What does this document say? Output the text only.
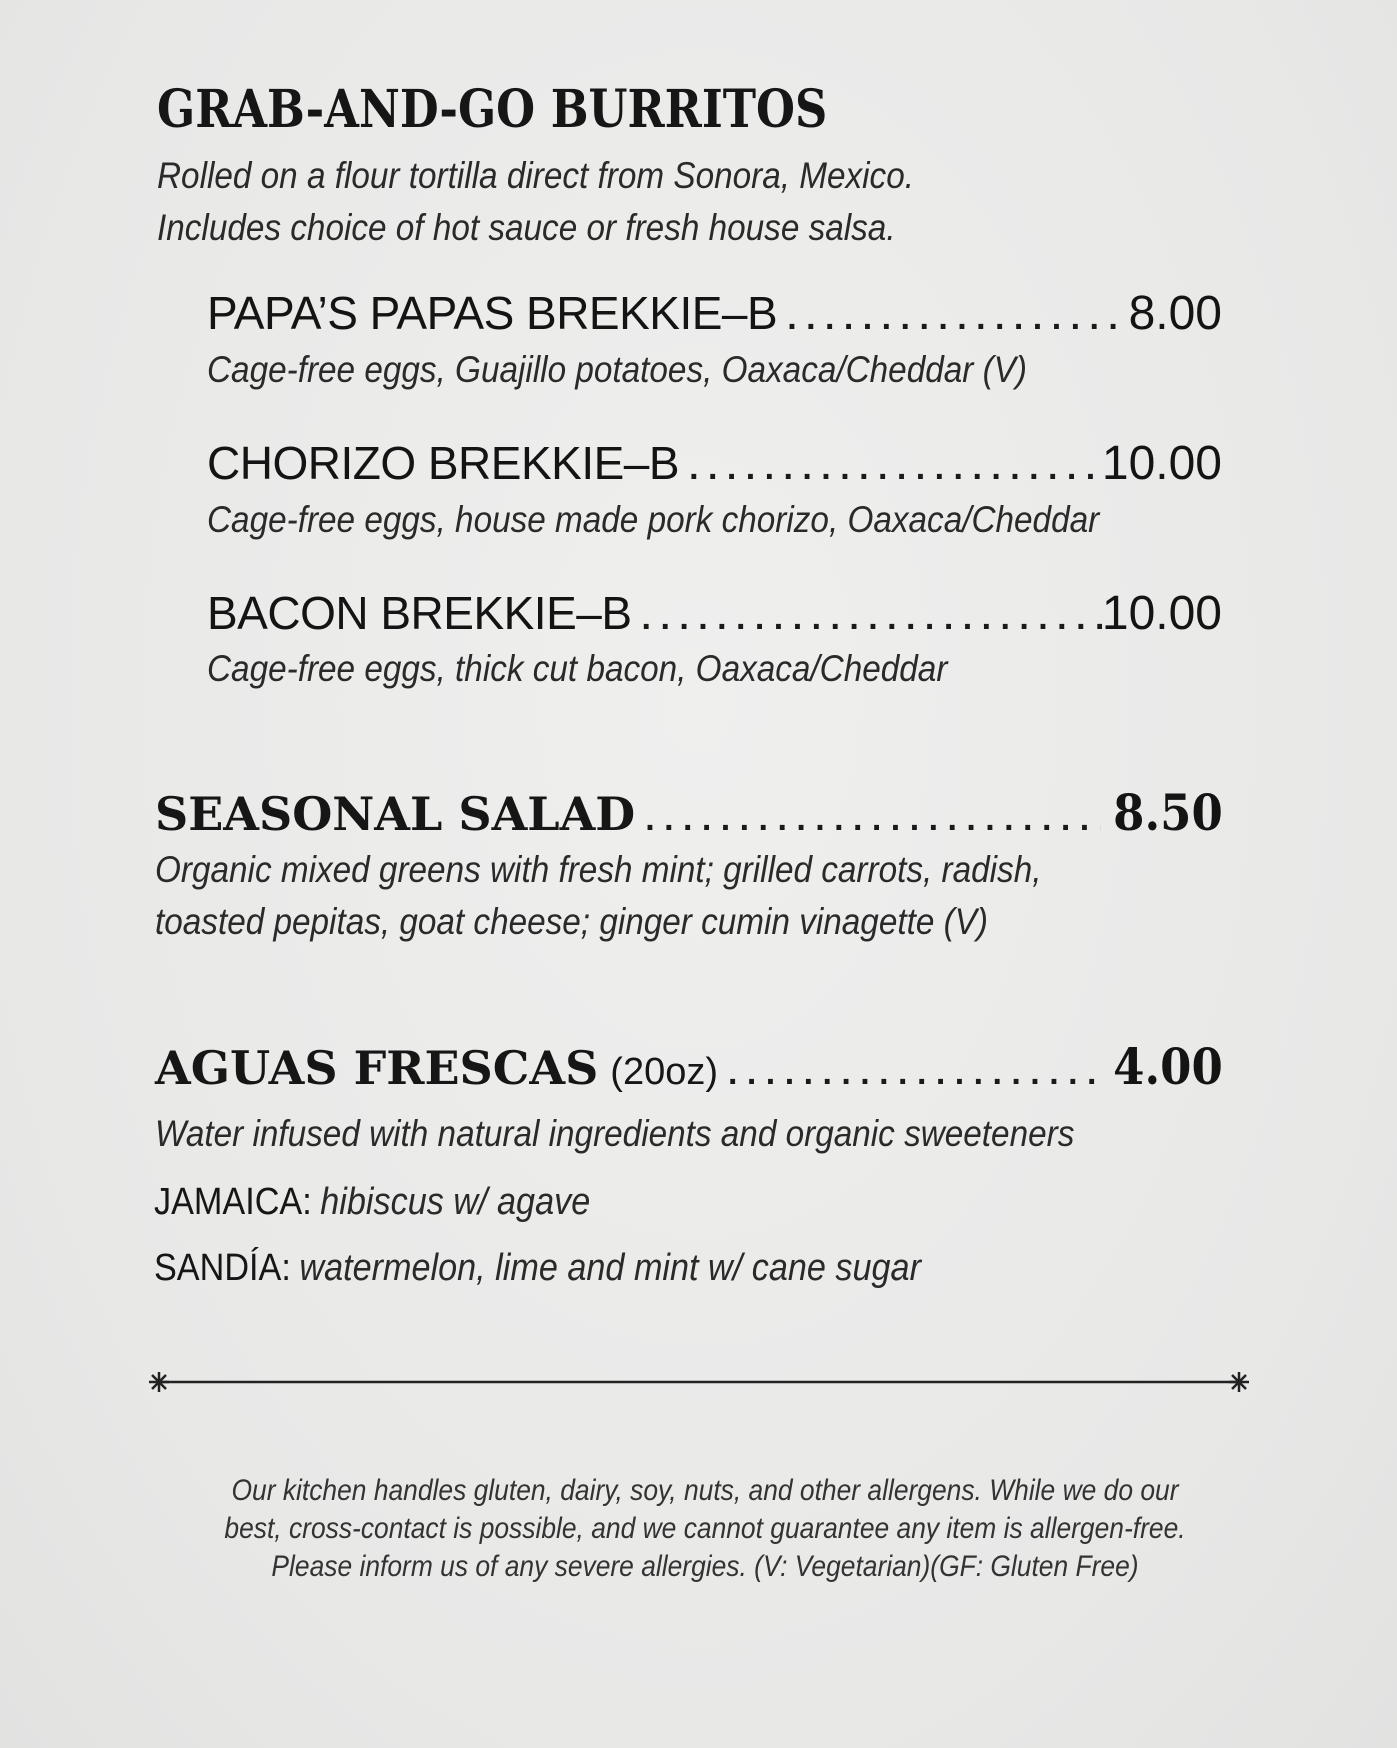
GRAB-AND-GO BURRITOS
Rolled on a flour tortilla direct from Sonora, Mexico.
Includes choice of hot sauce or fresh house salsa.
PAPA’S PAPAS BREKKIE–B . . .	8.00
Cage-free eggs, Guajillo potatoes, Oaxaca/Cheddar (V)
CHORIZO BREKKIE–B . . .	10.00
Cage-free eggs, house made pork chorizo, Oaxaca/Cheddar
BACON BREKKIE–B . . .	10.00
Cage-free eggs, thick cut bacon, Oaxaca/Cheddar
SEASONAL SALAD . . .	8.50
Organic mixed greens with fresh mint; grilled carrots, radish,
toasted pepitas, goat cheese; ginger cumin vinagette (V)
AGUAS FRESCAS (20oz) . . .	4.00
Water infused with natural ingredients and organic sweeteners
JAMAICA: hibiscus w/ agave
SANDÍA: watermelon, lime and mint w/ cane sugar
Our kitchen handles gluten, dairy, soy, nuts, and other allergens. While we do our
best, cross-contact is possible, and we cannot guarantee any item is allergen-free.
Please inform us of any severe allergies. (V: Vegetarian)(GF: Gluten Free)
